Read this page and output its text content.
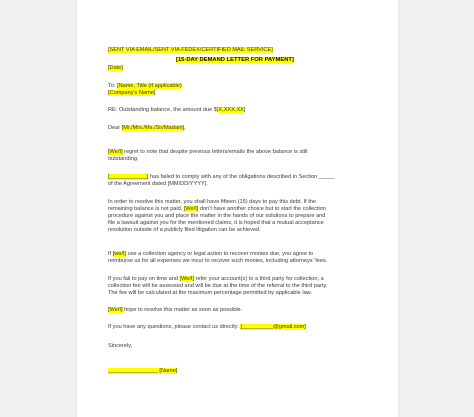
[15-DAY DEMAND LETTER FOR PAYMENT]
[SENT VIA EMAIL/SENT VIA FEDEX/CERTIFIED MAIL SERVICE]
[Date]
To: [Name, Title (if applicable)
[Company's Name]
RE: Outstanding balance, the amount due $[X,XXX.XX]
Dear [Mr./Mrs./Ms./Sir/Madam],
[We/I] regret to note that despite previous letters/emails the above balance is still
outstanding.
[____________] has failed to comply with any of the obligations described in Section _____
of the Agreement dated [MM/DD/YYYY].
In order to resolve this matter, you shall have fifteen (15) days to pay this debt. If the
remaining balance is not paid, [We/I] don't have another choice but to start the collection
procedure against you and place the matter in the hands of our solutions to prepare and
file a lawsuit against you for the mentioned claims, it is hoped that a mutual acceptance
resolution outside of a publicly filed litigation can be achieved.
If [we/I] use a collection agency or legal action to recover monies due, you agree to
reimburse us for all expenses we incur to recover such monies, including attorneys' fees.
If you fail to pay on time and [We/I] refer your account(s) to a third party for collection, a
collection fee will be assessed and will be due at the time of the referral to the third party.
The fee will be calculated at the maximum percentage permitted by applicable law.
[We/I] hope to resolve this matter as soon as possible.
If you have any questions, please contact us directly: [__________@gmail.com]
Sincerely,
________________ [Name]
